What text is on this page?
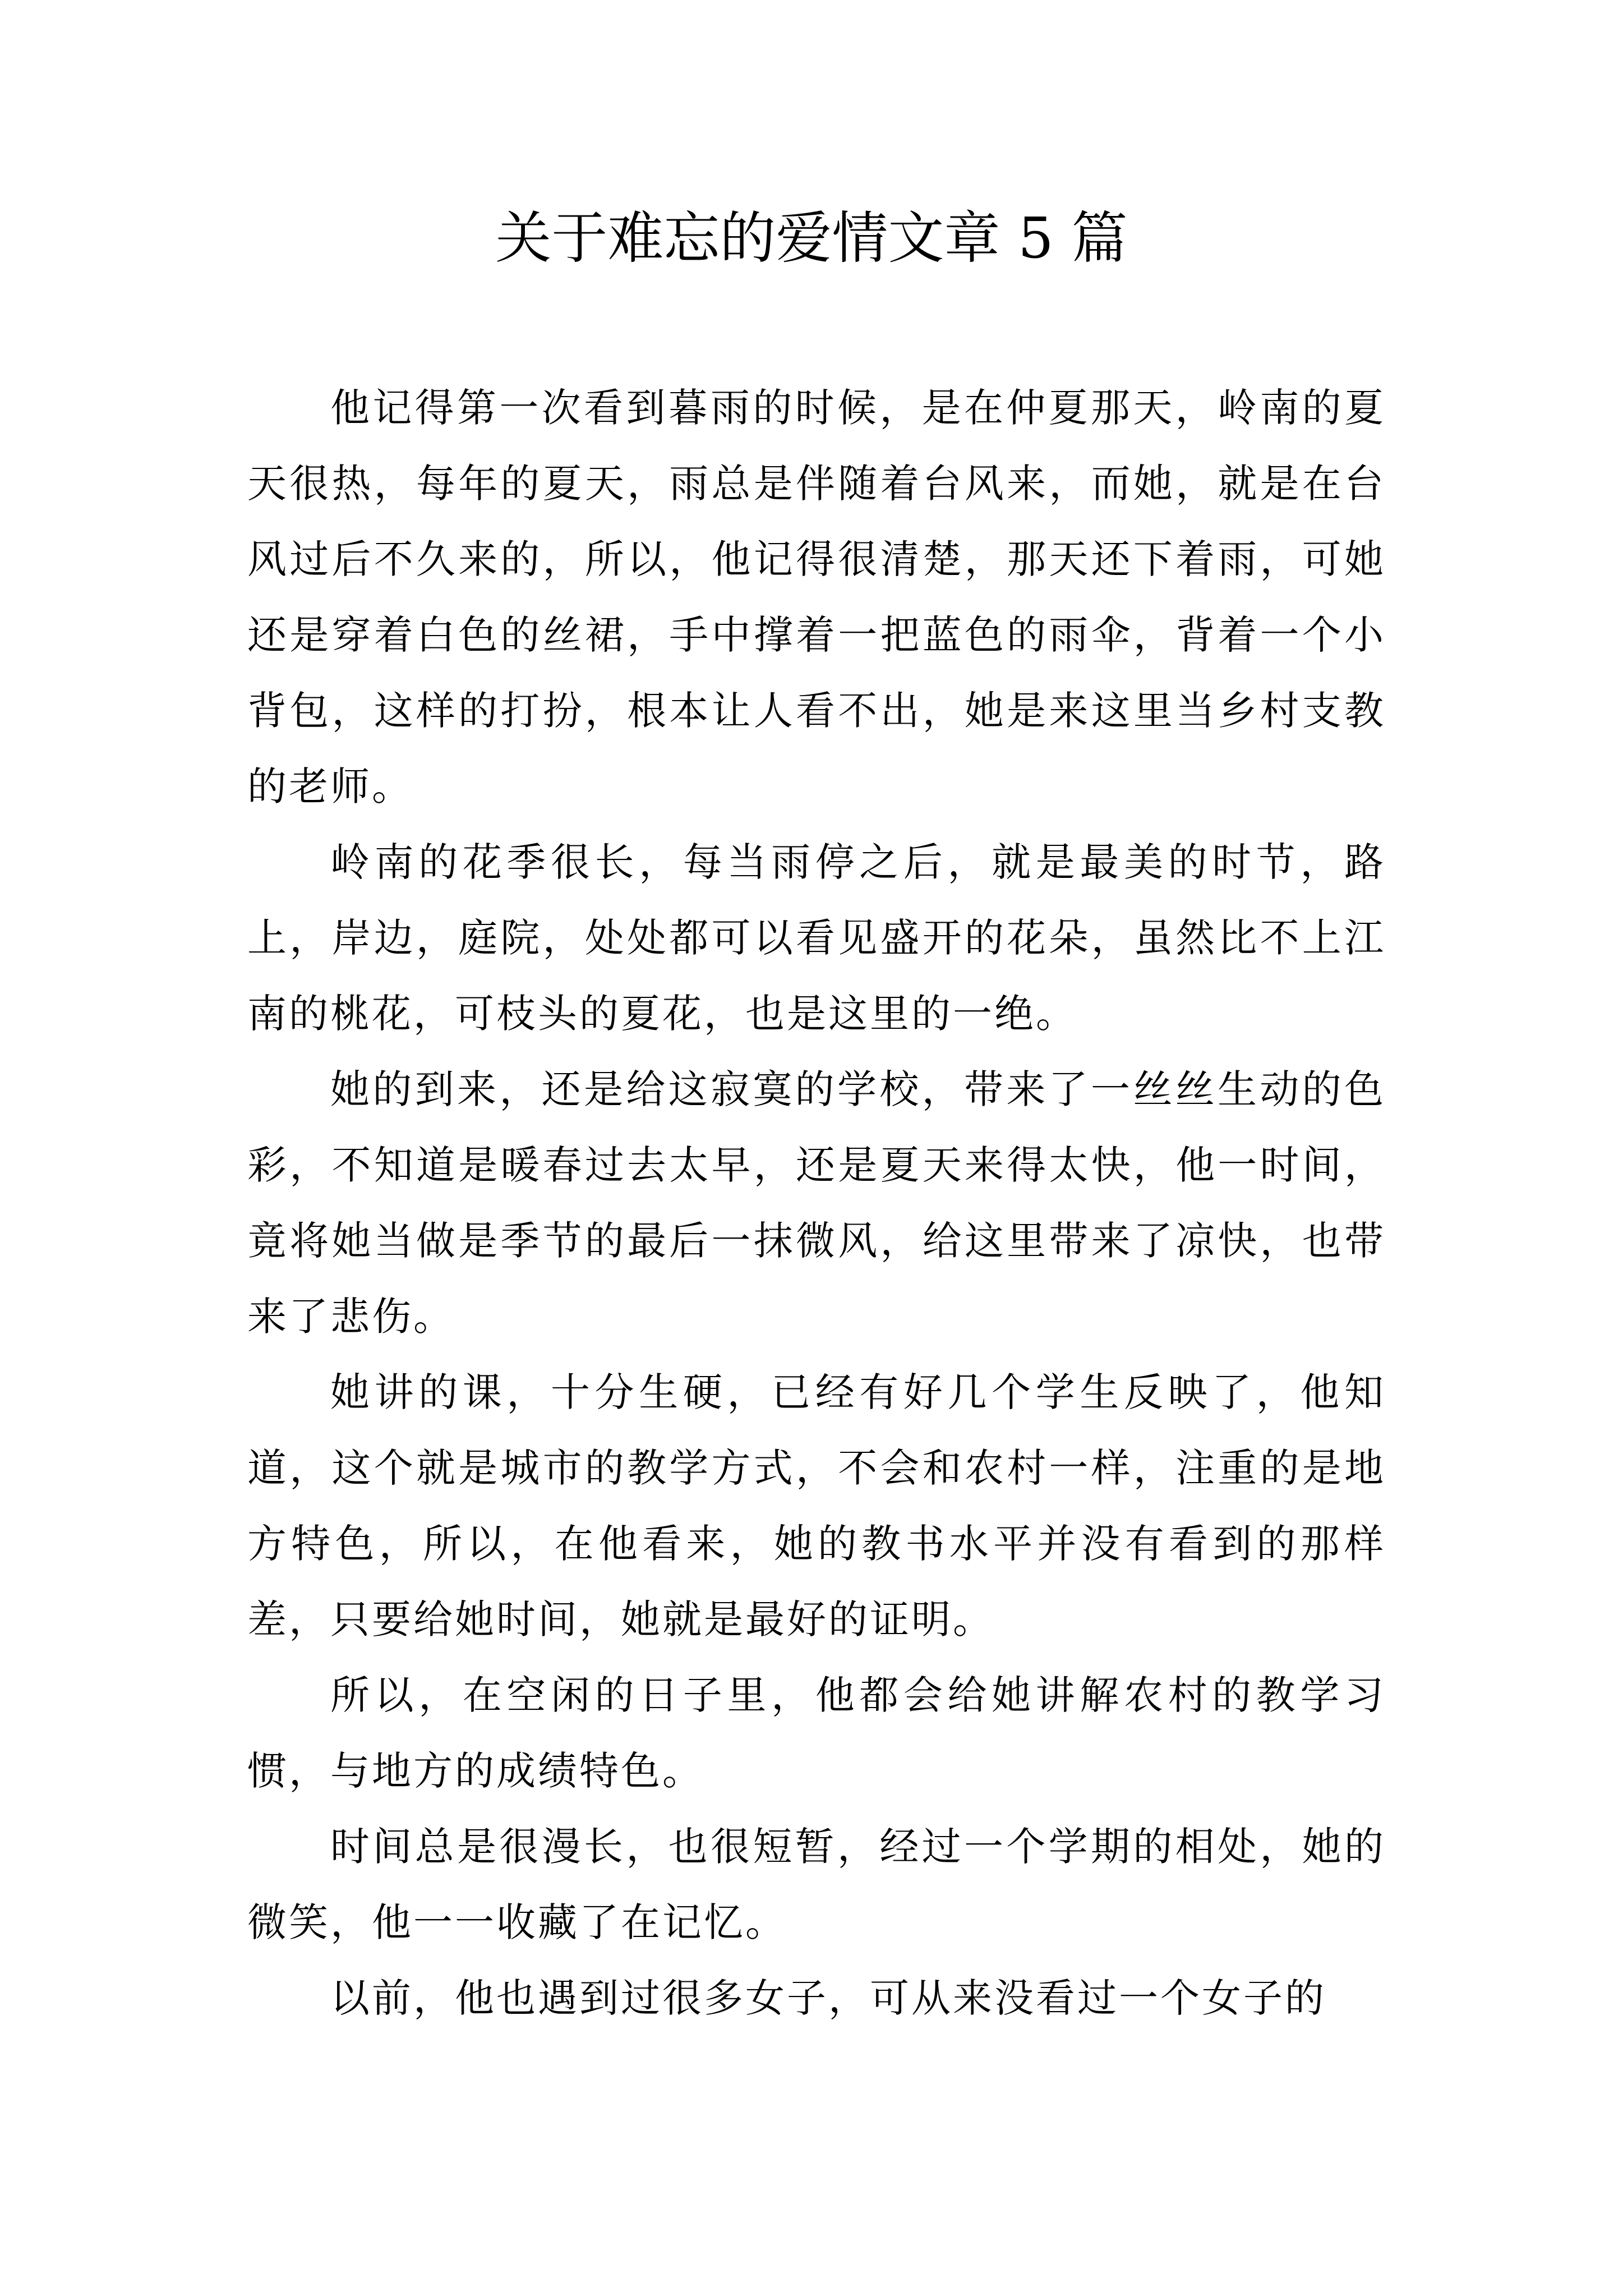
关于难忘的爱情文章 5 篇

他记得第一次看到暮雨的时候，是在仲夏那天，岭南的夏天很热，每年的夏天，雨总是伴随着台风来，而她，就是在台风过后不久来的，所以，他记得很清楚，那天还下着雨，可她还是穿着白色的丝裙，手中撑着一把蓝色的雨伞，背着一个小背包，这样的打扮，根本让人看不出，她是来这里当乡村支教的老师。

岭南的花季很长，每当雨停之后，就是最美的时节，路上，岸边，庭院，处处都可以看见盛开的花朵，虽然比不上江南的桃花，可枝头的夏花，也是这里的一绝。

她的到来，还是给这寂寞的学校，带来了一丝丝生动的色彩，不知道是暖春过去太早，还是夏天来得太快，他一时间，竟将她当做是季节的最后一抹微风，给这里带来了凉快，也带来了悲伤。

她讲的课，十分生硬，已经有好几个学生反映了，他知道，这个就是城市的教学方式，不会和农村一样，注重的是地方特色，所以，在他看来，她的教书水平并没有看到的那样差，只要给她时间，她就是最好的证明。

所以，在空闲的日子里，他都会给她讲解农村的教学习惯，与地方的成绩特色。

时间总是很漫长，也很短暂，经过一个学期的相处，她的微笑，他一一收藏了在记忆。

以前，他也遇到过很多女子，可从来没看过一个女子的
